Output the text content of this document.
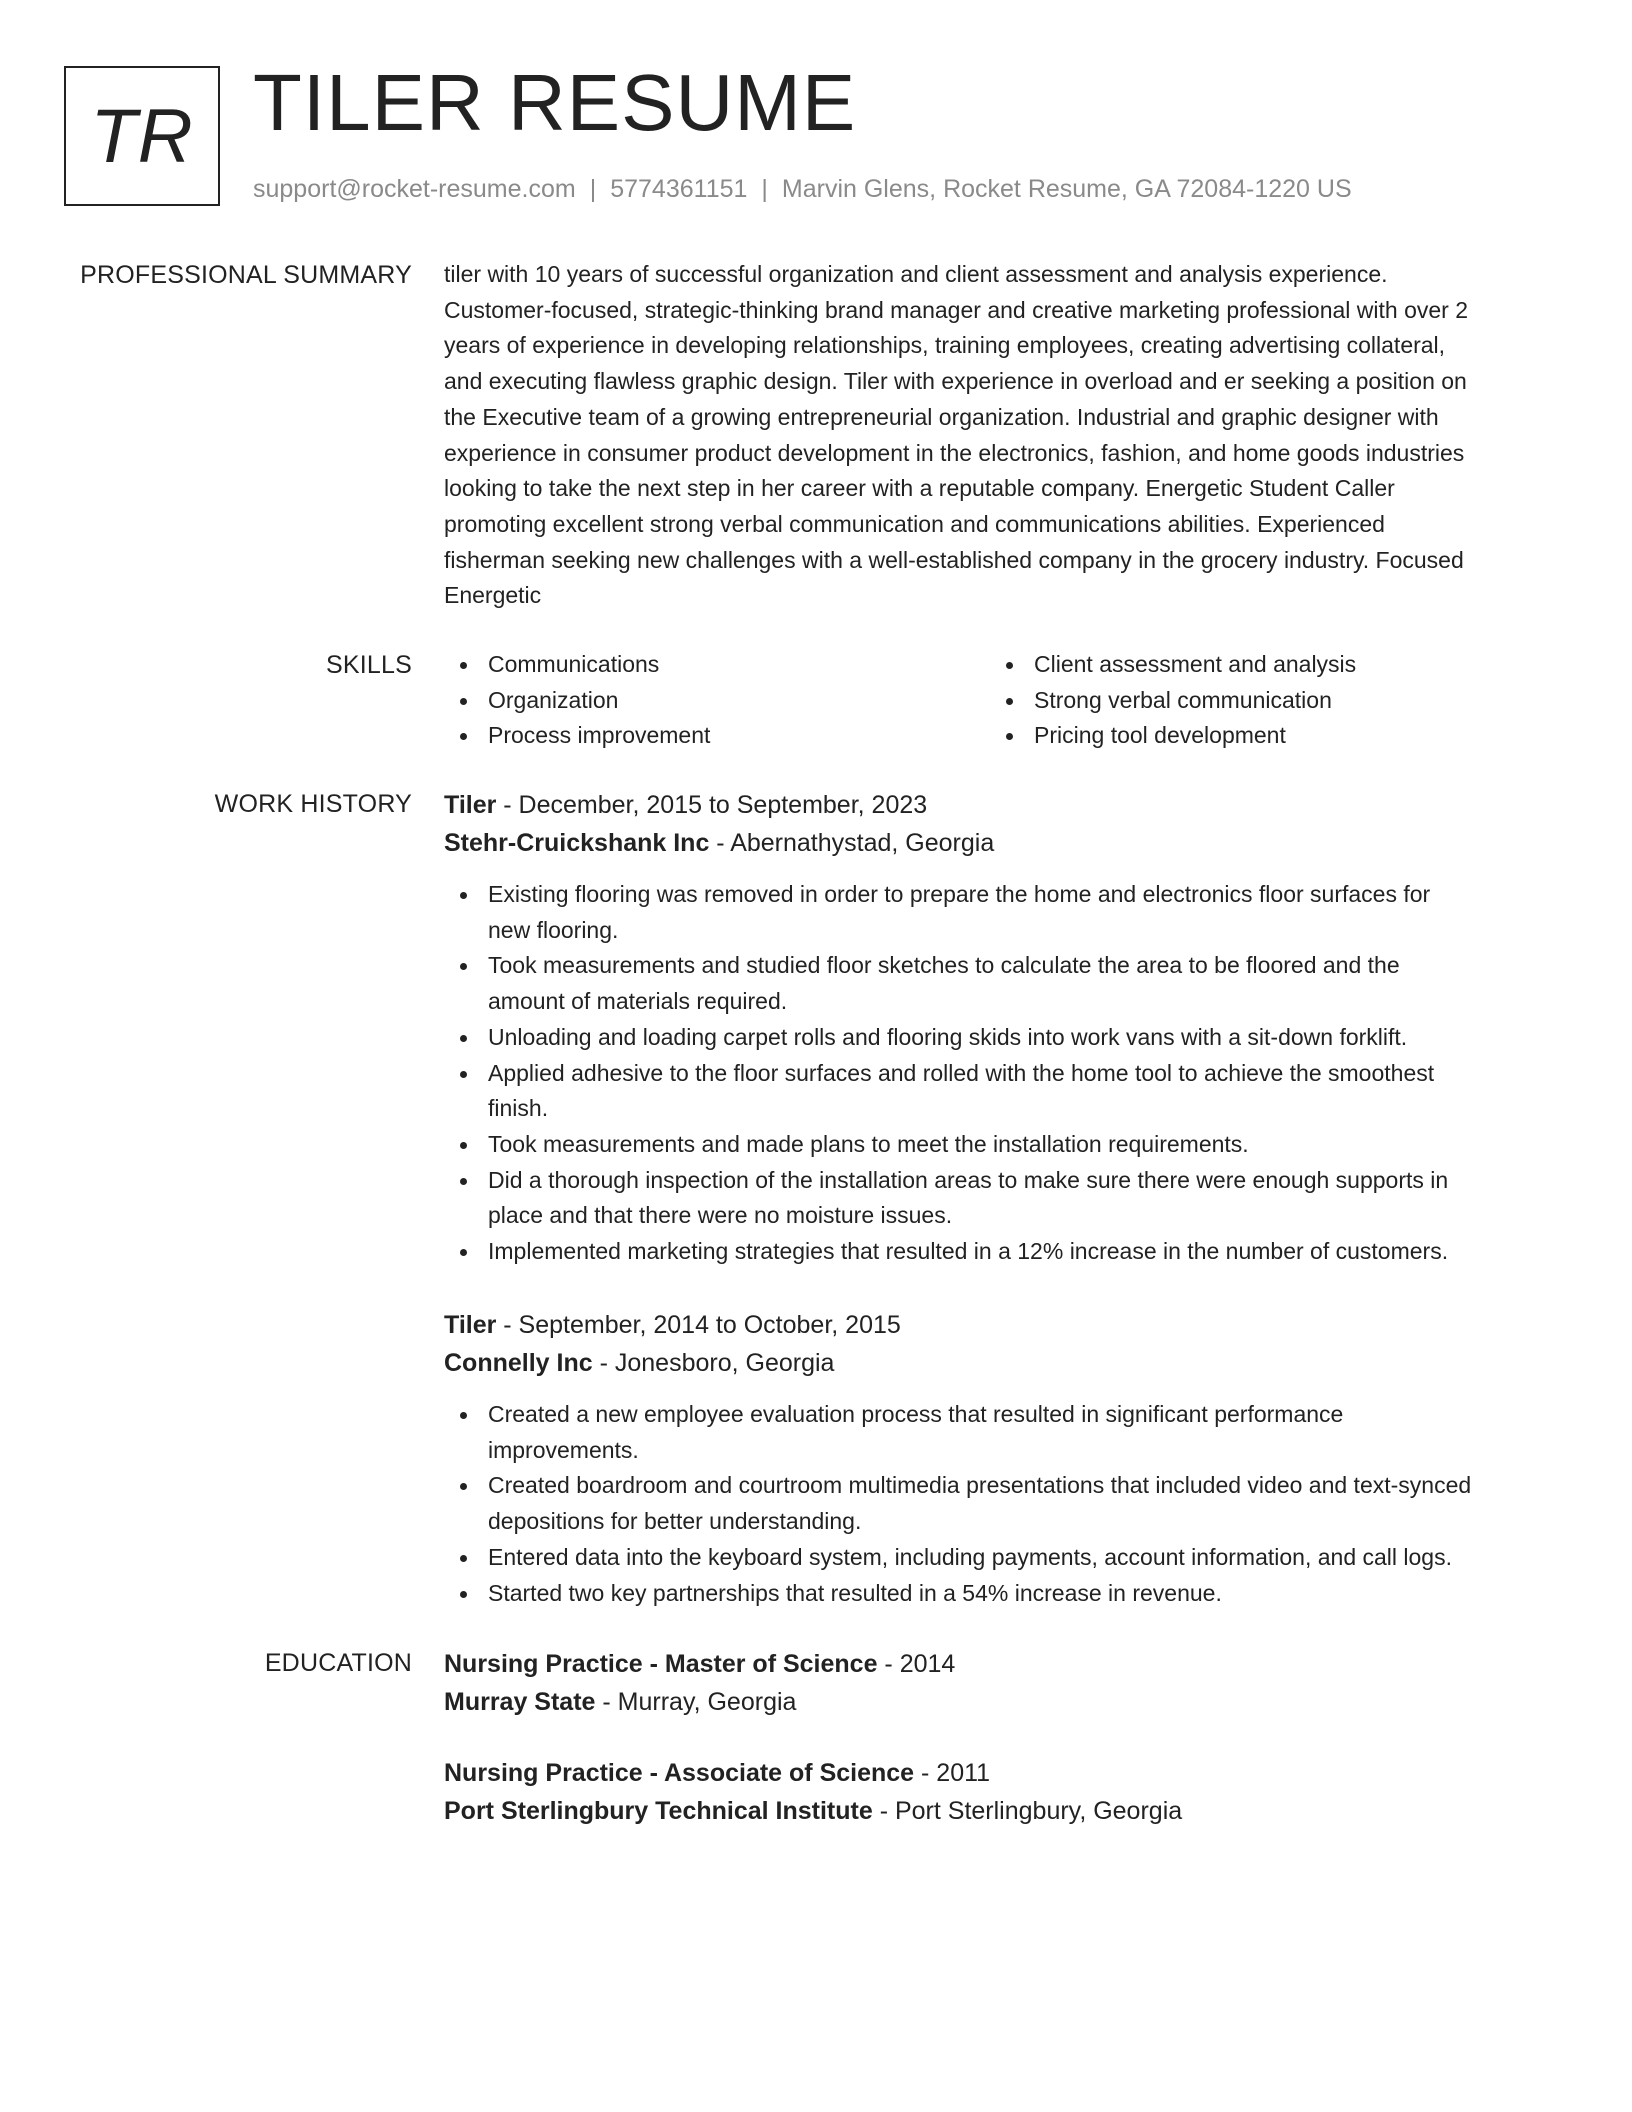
TR TILER RESUME
support@rocket-resume.com | 5774361151 | Marvin Glens, Rocket Resume, GA 72084-1220 US
PROFESSIONAL SUMMARY tiler with 10 years of successful organization and client assessment and analysis experience.

Customer-focused, strategic-thinking brand manager and creative marketing professional with over 2

years of experience in developing relationships, training employees, creating advertising collateral,

and executing flawless graphic design. Tiler with experience in overload and er seeking a position on

the Executive team of a growing entrepreneurial organization. Industrial and graphic designer with

experience in consumer product development in the electronics, fashion, and home goods industries

looking to take the next step in her career with a reputable company. Energetic Student Caller

promoting excellent strong verbal communication and communications abilities. Experienced

fisherman seeking new challenges with a well-established company in the grocery industry. Focused

Energetic

SKILLS	Communications
Organization
Process improvement
Client assessment and analysis
Strong verbal communication
Pricing tool development
WORK HISTORY Tiler - December, 2015 to September, 2023
Stehr-Cruickshank Inc - Abernathystad, Georgia
Existing flooring was removed in order to prepare the home and electronics floor surfaces for
new flooring.
Took measurements and studied floor sketches to calculate the area to be floored and the
amount of materials required.
Unloading and loading carpet rolls and flooring skids into work vans with a sit-down forklift.
Applied adhesive to the floor surfaces and rolled with the home tool to achieve the smoothest
finish.
Took measurements and made plans to meet the installation requirements.
Did a thorough inspection of the installation areas to make sure there were enough supports in
place and that there were no moisture issues.
Implemented marketing strategies that resulted in a 12% increase in the number of customers.
Tiler - September, 2014 to October, 2015
Connelly Inc - Jonesboro, Georgia
Created a new employee evaluation process that resulted in significant performance
improvements.
Created boardroom and courtroom multimedia presentations that included video and text-synced
depositions for better understanding.
Entered data into the keyboard system, including payments, account information, and call logs.
Started two key partnerships that resulted in a 54% increase in revenue.
EDUCATION Nursing Practice - Master of Science - 2014
Murray State - Murray, Georgia
Nursing Practice - Associate of Science - 2011
Port Sterlingbury Technical Institute - Port Sterlingbury, Georgia
